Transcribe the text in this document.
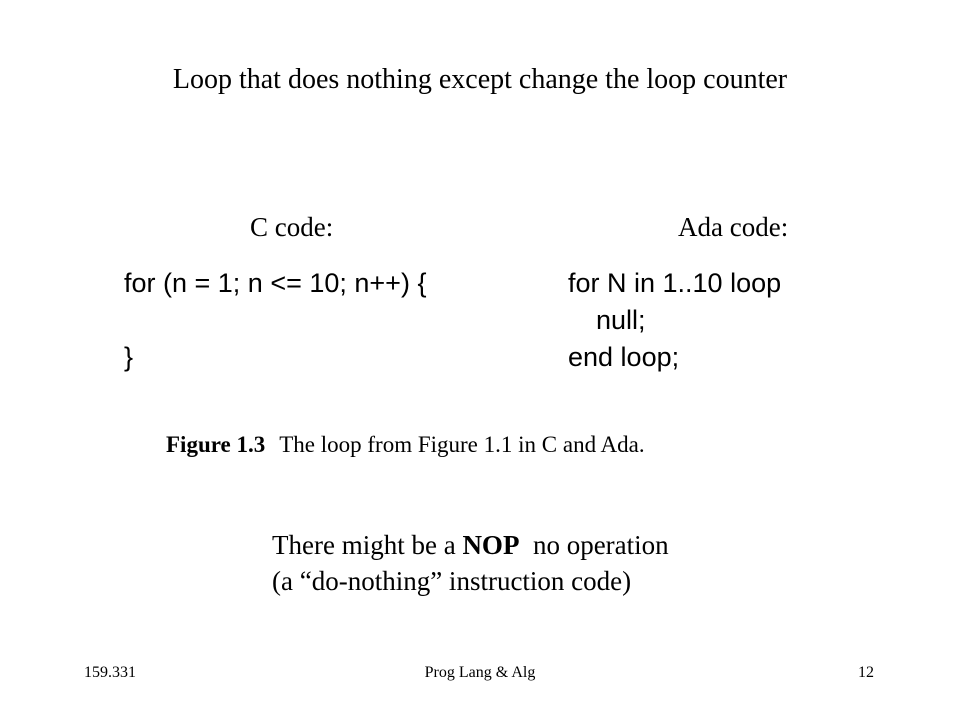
Loop that does nothing except change the loop counter
C code:	Ada code:
for (n = 1; n <= 10; n++) {
}
for N in 1..10 loop
null;
end loop;
Figure 1.3 The loop from Figure 1.1 in C and Ada.
There might be a NOP  no operation
(a “do-nothing” instruction code)
159.331	Prog Lang & Alg	12
